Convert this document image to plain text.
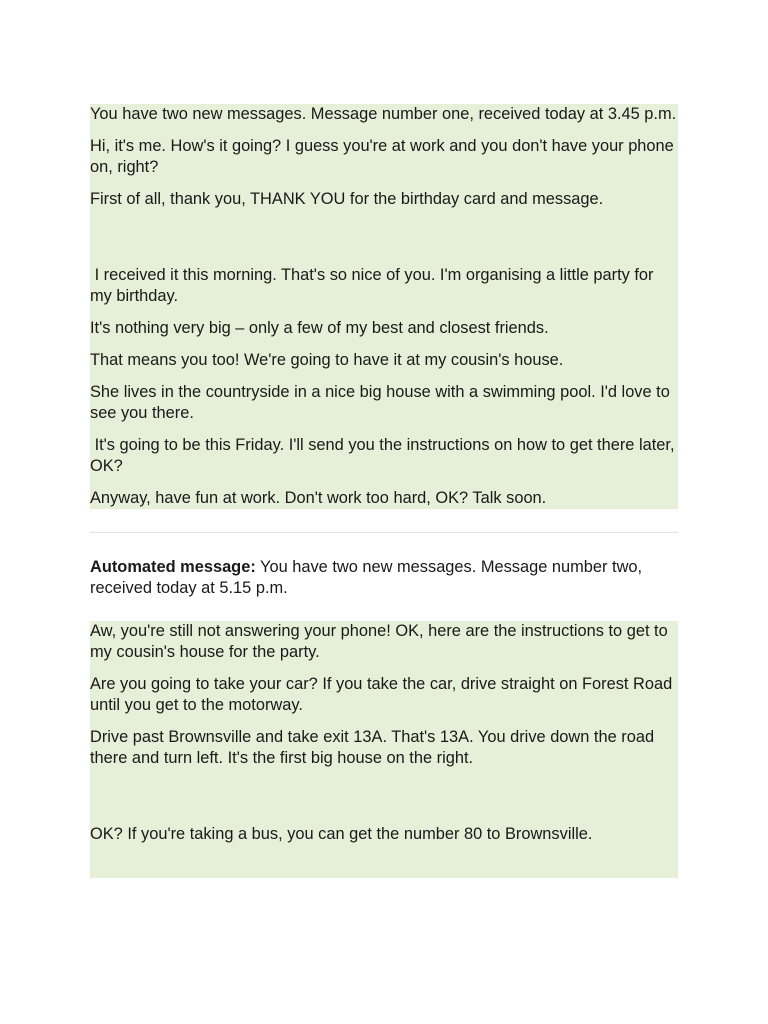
You have two new messages. Message number one, received today at 3.45 p.m.

Hi, it's me. How's it going? I guess you're at work and you don't have your phone on, right?

First of all, thank you, THANK YOU for the birthday card and message.

I received it this morning. That's so nice of you. I'm organising a little party for my birthday.

It's nothing very big – only a few of my best and closest friends.

That means you too! We're going to have it at my cousin's house.

She lives in the countryside in a nice big house with a swimming pool. I'd love to see you there.

It's going to be this Friday. I'll send you the instructions on how to get there later, OK?

Anyway, have fun at work. Don't work too hard, OK? Talk soon.

Automated message: You have two new messages. Message number two, received today at 5.15 p.m.

Aw, you're still not answering your phone! OK, here are the instructions to get to my cousin's house for the party.

Are you going to take your car? If you take the car, drive straight on Forest Road until you get to the motorway.

Drive past Brownsville and take exit 13A. That's 13A. You drive down the road there and turn left. It's the first big house on the right.

OK? If you're taking a bus, you can get the number 80 to Brownsville.
